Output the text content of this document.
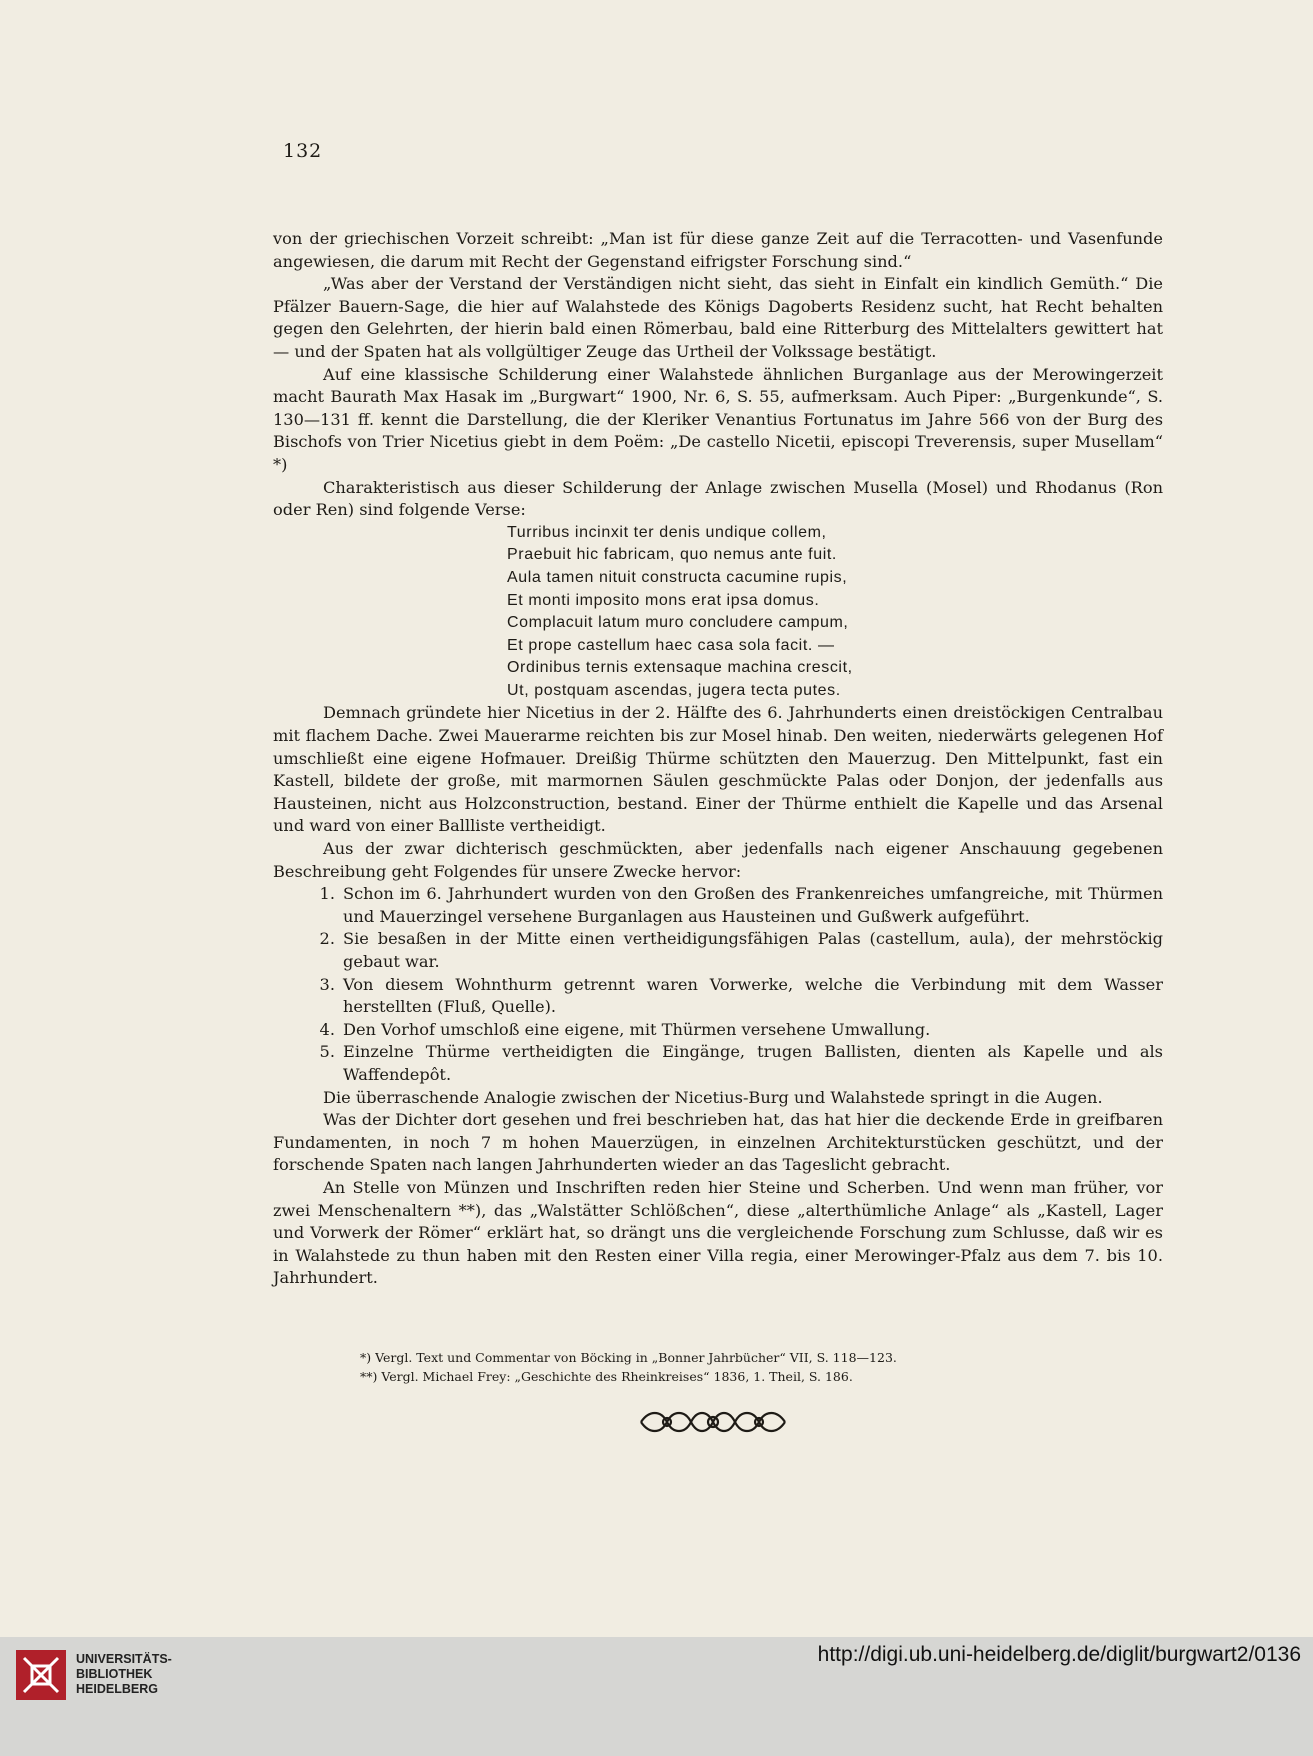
132

von der griechischen Vorzeit schreibt: „Man ist für diese ganze Zeit auf die Terracotten- und Vasenfunde angewiesen, die darum mit Recht der Gegenstand eifrigster Forschung sind.“

„Was aber der Verstand der Verständigen nicht sieht, das sieht in Einfalt ein kindlich Gemüth.“ Die Pfälzer Bauern-Sage, die hier auf Walahstede des Königs Dagoberts Residenz sucht, hat Recht behalten gegen den Gelehrten, der hierin bald einen Römerbau, bald eine Ritterburg des Mittelalters gewittert hat — und der Spaten hat als vollgültiger Zeuge das Urtheil der Volkssage bestätigt.

Auf eine klassische Schilderung einer Walahstede ähnlichen Burganlage aus der Merowingerzeit macht Baurath Max Hasak im „Burgwart“ 1900, Nr. 6, S. 55, aufmerksam. Auch Piper: „Burgenkunde“, S. 130—131 ff. kennt die Darstellung, die der Kleriker Venantius Fortunatus im Jahre 566 von der Burg des Bischofs von Trier Nicetius giebt in dem Poëm: „De castello Nicetii, episcopi Treverensis, super Musellam“ *)

Charakteristisch aus dieser Schilderung der Anlage zwischen Musella (Mosel) und Rhodanus (Ron oder Ren) sind folgende Verse:

Turribus incinxit ter denis undique collem,
Praebuit hic fabricam, quo nemus ante fuit.
Aula tamen nituit constructa cacumine rupis,
Et monti imposito mons erat ipsa domus.
Complacuit latum muro concludere campum,
Et prope castellum haec casa sola facit. —
Ordinibus ternis extensaque machina crescit,
Ut, postquam ascendas, jugera tecta putes.

Demnach gründete hier Nicetius in der 2. Hälfte des 6. Jahrhunderts einen dreistöckigen Centralbau mit flachem Dache. Zwei Mauerarme reichten bis zur Mosel hinab. Den weiten, niederwärts gelegenen Hof umschließt eine eigene Hofmauer. Dreißig Thürme schützten den Mauerzug. Den Mittelpunkt, fast ein Kastell, bildete der große, mit marmornen Säulen geschmückte Palas oder Donjon, der jedenfalls aus Hausteinen, nicht aus Holzconstruction, bestand. Einer der Thürme enthielt die Kapelle und das Arsenal und ward von einer Ballliste vertheidigt.

Aus der zwar dichterisch geschmückten, aber jedenfalls nach eigener Anschauung gegebenen Beschreibung geht Folgendes für unsere Zwecke hervor:

1. Schon im 6. Jahrhundert wurden von den Großen des Frankenreiches umfangreiche, mit Thürmen und Mauerzingel versehene Burganlagen aus Hausteinen und Gußwerk aufgeführt.
2. Sie besaßen in der Mitte einen vertheidigungsfähigen Palas (castellum, aula), der mehrstöckig gebaut war.
3. Von diesem Wohnthurm getrennt waren Vorwerke, welche die Verbindung mit dem Wasser herstellten (Fluß, Quelle).
4. Den Vorhof umschloß eine eigene, mit Thürmen versehene Umwallung.
5. Einzelne Thürme vertheidigten die Eingänge, trugen Ballisten, dienten als Kapelle und als Waffendepôt.

Die überraschende Analogie zwischen der Nicetius-Burg und Walahstede springt in die Augen.

Was der Dichter dort gesehen und frei beschrieben hat, das hat hier die deckende Erde in greifbaren Fundamenten, in noch 7 m hohen Mauerzügen, in einzelnen Architekturstücken geschützt, und der forschende Spaten nach langen Jahrhunderten wieder an das Tageslicht gebracht.

An Stelle von Münzen und Inschriften reden hier Steine und Scherben. Und wenn man früher, vor zwei Menschenaltern **), das „Walstätter Schlößchen“, diese „alterthümliche Anlage“ als „Kastell, Lager und Vorwerk der Römer“ erklärt hat, so drängt uns die vergleichende Forschung zum Schlusse, daß wir es in Walahstede zu thun haben mit den Resten einer Villa regia, einer Merowinger-Pfalz aus dem 7. bis 10. Jahrhundert.

*) Vergl. Text und Commentar von Böcking in „Bonner Jahrbücher“ VII, S. 118—123.

**) Vergl. Michael Frey: „Geschichte des Rheinkreises“ 1836, 1. Theil, S. 186.

UNIVERSITÄTS-
BIBLIOTHEK
HEIDELBERG
http://digi.ub.uni-heidelberg.de/diglit/burgwart2/0136
